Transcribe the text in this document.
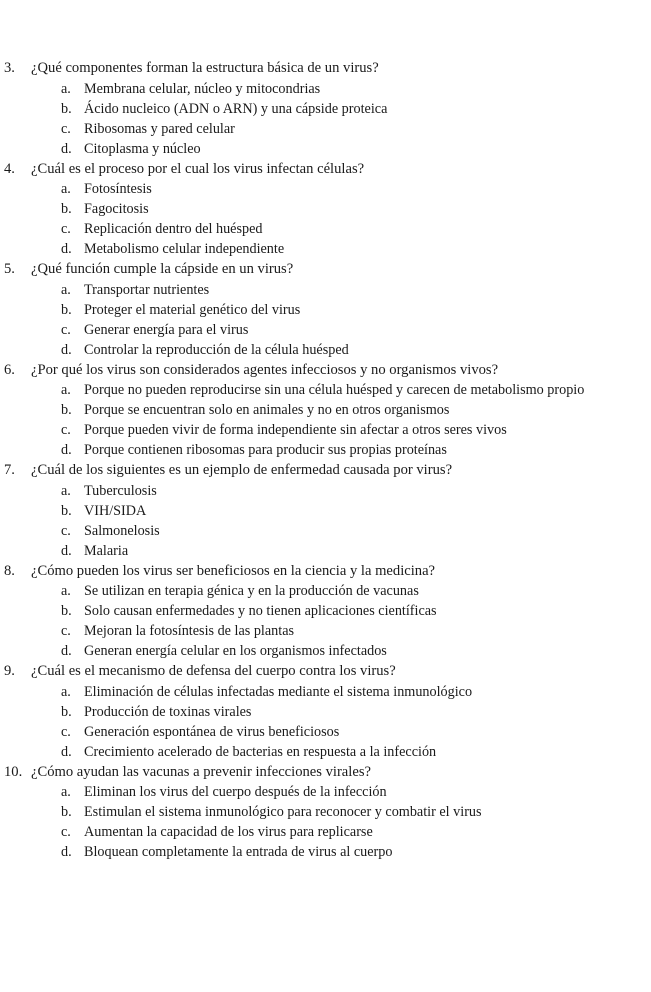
3. ¿Qué componentes forman la estructura básica de un virus?
a. Membrana celular, núcleo y mitocondrias
b. Ácido nucleico (ADN o ARN) y una cápside proteica
c. Ribosomas y pared celular
d. Citoplasma y núcleo
4. ¿Cuál es el proceso por el cual los virus infectan células?
a. Fotosíntesis
b. Fagocitosis
c. Replicación dentro del huésped
d. Metabolismo celular independiente
5. ¿Qué función cumple la cápside en un virus?
a. Transportar nutrientes
b. Proteger el material genético del virus
c. Generar energía para el virus
d. Controlar la reproducción de la célula huésped
6. ¿Por qué los virus son considerados agentes infecciosos y no organismos vivos?
a. Porque no pueden reproducirse sin una célula huésped y carecen de metabolismo propio
b. Porque se encuentran solo en animales y no en otros organismos
c. Porque pueden vivir de forma independiente sin afectar a otros seres vivos
d. Porque contienen ribosomas para producir sus propias proteínas
7. ¿Cuál de los siguientes es un ejemplo de enfermedad causada por virus?
a. Tuberculosis
b. VIH/SIDA
c. Salmonelosis
d. Malaria
8. ¿Cómo pueden los virus ser beneficiosos en la ciencia y la medicina?
a. Se utilizan en terapia génica y en la producción de vacunas
b. Solo causan enfermedades y no tienen aplicaciones científicas
c. Mejoran la fotosíntesis de las plantas
d. Generan energía celular en los organismos infectados
9. ¿Cuál es el mecanismo de defensa del cuerpo contra los virus?
a. Eliminación de células infectadas mediante el sistema inmunológico
b. Producción de toxinas virales
c. Generación espontánea de virus beneficiosos
d. Crecimiento acelerado de bacterias en respuesta a la infección
10. ¿Cómo ayudan las vacunas a prevenir infecciones virales?
a. Eliminan los virus del cuerpo después de la infección
b. Estimulan el sistema inmunológico para reconocer y combatir el virus
c. Aumentan la capacidad de los virus para replicarse
d. Bloquean completamente la entrada de virus al cuerpo
